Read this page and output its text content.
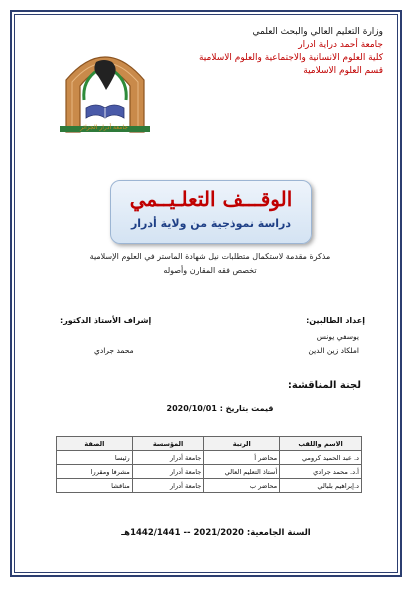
وزارة التعليم العالي والبحث العلمي
جامعة أحمد دراية ادرار
كلية العلوم الانسانية والاجتماعية والعلوم الاسلامية
قسم العلوم الاسلامية
جامعة أدرار الجزائر
الوقـــف التعلـيــمي
دراسة نموذجية من ولاية أدرار
مذكرة مقدمة لاستكمال متطلبات نيل شهادة الماستر في العلوم الإسلامية
تخصص فقه المقارن وأصوله
إعداد الطالبين:
إشراف الأستاذ الدكتور:
يوسفي يونس
املكاد زين الدين
محمد جرادي
لجنة المناقشة:
قيمت بتاريخ : 2020/10/01
الاسم واللقب	الرتبة	المؤسسة	الصفة
د. عبد الحميد كرومي	محاضر أ	جامعة أدرار	رئيسا
أ.د. محمد جرادي	أستاذ التعليم العالي	جامعة أدرار	مشرفا ومقررا
د.إبراهيم بلبالي	محاضر ب	جامعة أدرار	مناقشا
السنة الجامعية: 2021/2020 -- 1442/1441هـ
